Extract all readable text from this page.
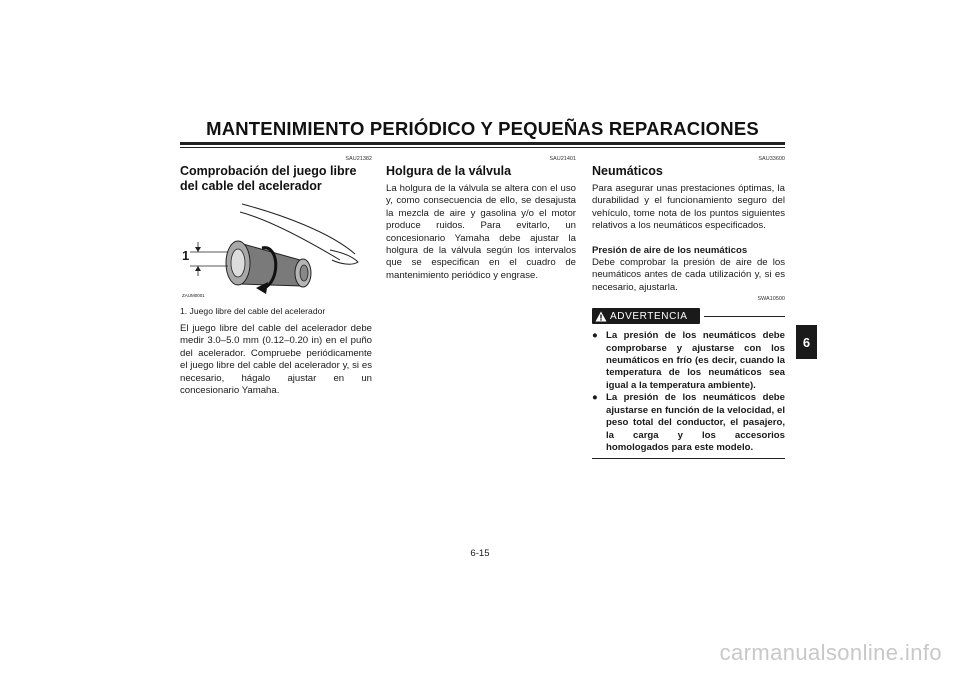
MANTENIMIENTO PERIÓDICO Y PEQUEÑAS REPARACIONES
SAU21382
Comprobación del juego libre del cable del acelerador
1
ZAUM0001
1. Juego libre del cable del acelerador

El juego libre del cable del acelerador debe medir 3.0–5.0 mm (0.12–0.20 in) en el puño del acelerador. Compruebe periódicamente el juego libre del cable del acelerador y, si es necesario, hágalo ajustar en un concesionario Yamaha.

SAU21401
Holgura de la válvula

La holgura de la válvula se altera con el uso y, como consecuencia de ello, se desajusta la mezcla de aire y gasolina y/o el motor produce ruidos. Para evitarlo, un concesionario Yamaha debe ajustar la holgura de la válvula según los intervalos que se especifican en el cuadro de mantenimiento periódico y engrase.

SAU33600
Neumáticos

Para asegurar unas prestaciones óptimas, la durabilidad y el funcionamiento seguro del vehículo, tome nota de los puntos siguientes relativos a los neumáticos especificados.

Presión de aire de los neumáticos

Debe comprobar la presión de aire de los neumáticos antes de cada utilización y, si es necesario, ajustarla.

SWA10500
ADVERTENCIA
● La presión de los neumáticos debe comprobarse y ajustarse con los neumáticos en frío (es decir, cuando la temperatura de los neumáticos sea igual a la temperatura ambiente).
● La presión de los neumáticos debe ajustarse en función de la velocidad, el peso total del conductor, el pasajero, la carga y los accesorios homologados para este modelo.
6
6-15
carmanualsonline.info
